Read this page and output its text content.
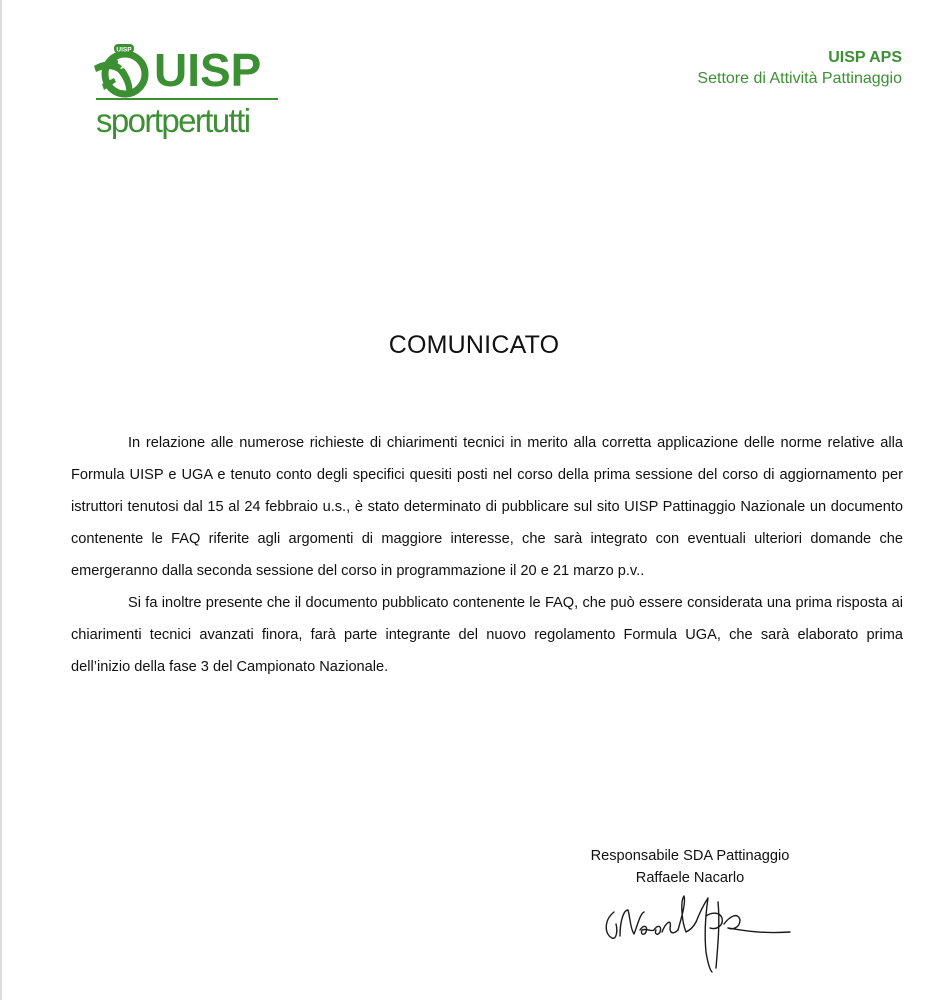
UISP UISP
sportpertutti
UISP APS
Settore di Attività Pattinaggio
COMUNICATO

In relazione alle numerose richieste di chiarimenti tecnici in merito alla corretta applicazione delle norme relative alla Formula UISP e UGA e tenuto conto degli specifici quesiti posti nel corso della prima sessione del corso di aggiornamento per istruttori tenutosi dal 15 al 24 febbraio u.s., è stato determinato di pubblicare sul sito UISP Pattinaggio Nazionale un documento contenente le FAQ riferite agli argomenti di maggiore interesse, che sarà integrato con eventuali ulteriori domande che emergeranno dalla seconda sessione del corso in programmazione il 20 e 21 marzo p.v..

Si fa inoltre presente che il documento pubblicato contenente le FAQ, che può essere considerata una prima risposta ai chiarimenti tecnici avanzati finora, farà parte integrante del nuovo regolamento Formula UGA, che sarà elaborato prima dell’inizio della fase 3 del Campionato Nazionale.

Responsabile SDA Pattinaggio
Raffaele Nacarlo
